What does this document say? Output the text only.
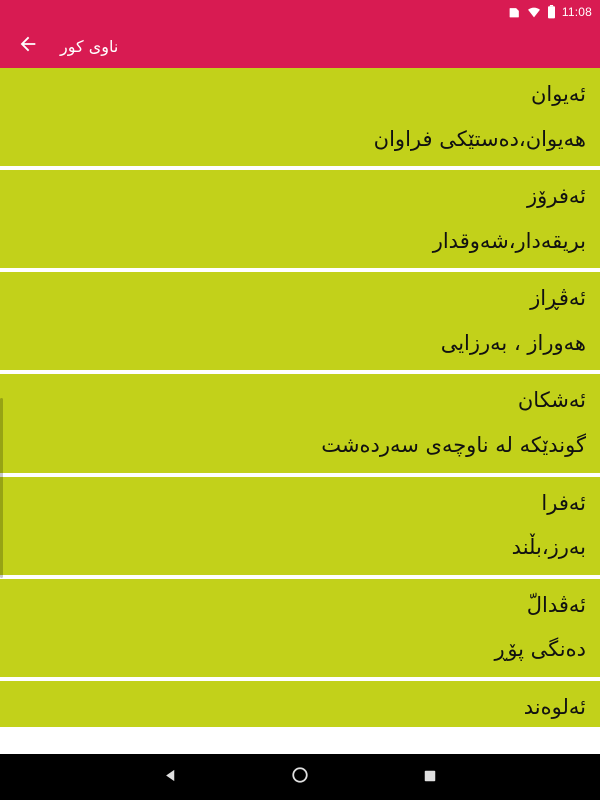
11:08
ناوی کور
ئەیوان
هەیوان،دەستێکی فراوان
ئەفرۆز
بریقەدار،شەوقدار
ئەڤڕاز
هەوراز ، بەرزایی
ئەشکان
گوندێکە لە ناوچەی سەردەشت
ئەفرا
بەرز،بڵند
ئەڤدالّ
دەنگی پۆڕ
ئەلوەند
